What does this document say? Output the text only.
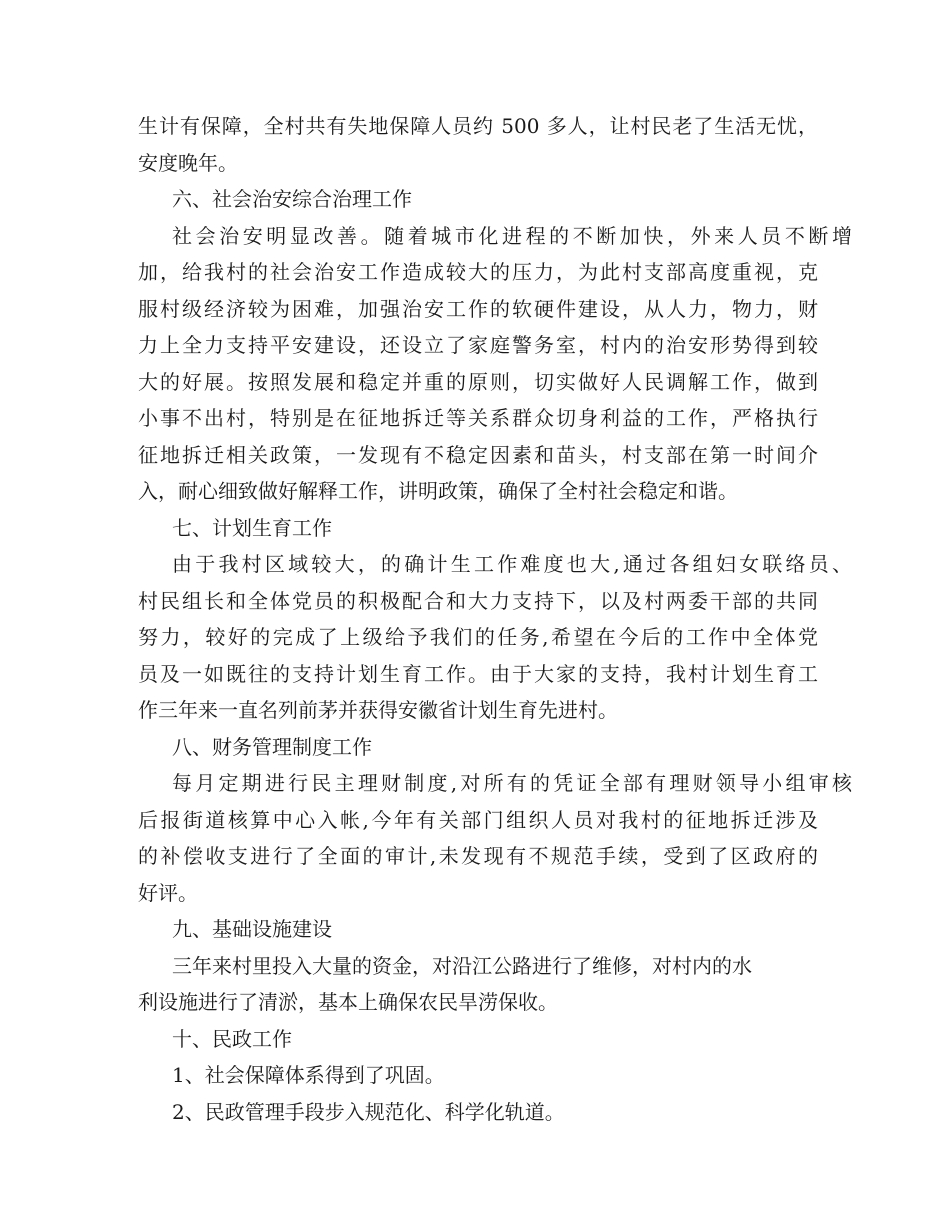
生计有保障，全村共有失地保障人员约 500 多人，让村民老了生活无忧，
安度晚年。
六、社会治安综合治理工作
社会治安明显改善。随着城市化进程的不断加快，外来人员不断增
加，给我村的社会治安工作造成较大的压力，为此村支部高度重视，克
服村级经济较为困难，加强治安工作的软硬件建设，从人力，物力，财
力上全力支持平安建设，还设立了家庭警务室，村内的治安形势得到较
大的好展。按照发展和稳定并重的原则，切实做好人民调解工作，做到
小事不出村，特别是在征地拆迁等关系群众切身利益的工作，严格执行
征地拆迁相关政策，一发现有不稳定因素和苗头，村支部在第一时间介
入，耐心细致做好解释工作，讲明政策，确保了全村社会稳定和谐。
七、计划生育工作
由于我村区域较大，的确计生工作难度也大,通过各组妇女联络员、
村民组长和全体党员的积极配合和大力支持下，以及村两委干部的共同
努力，较好的完成了上级给予我们的任务,希望在今后的工作中全体党
员及一如既往的支持计划生育工作。由于大家的支持，我村计划生育工
作三年来一直名列前茅并获得安徽省计划生育先进村。
八、财务管理制度工作
每月定期进行民主理财制度,对所有的凭证全部有理财领导小组审核
后报街道核算中心入帐,今年有关部门组织人员对我村的征地拆迁涉及
的补偿收支进行了全面的审计,未发现有不规范手续，受到了区政府的
好评。
九、基础设施建设
三年来村里投入大量的资金，对沿江公路进行了维修，对村内的水
利设施进行了清淤，基本上确保农民旱涝保收。
十、民政工作
1、社会保障体系得到了巩固。
2、民政管理手段步入规范化、科学化轨道。
